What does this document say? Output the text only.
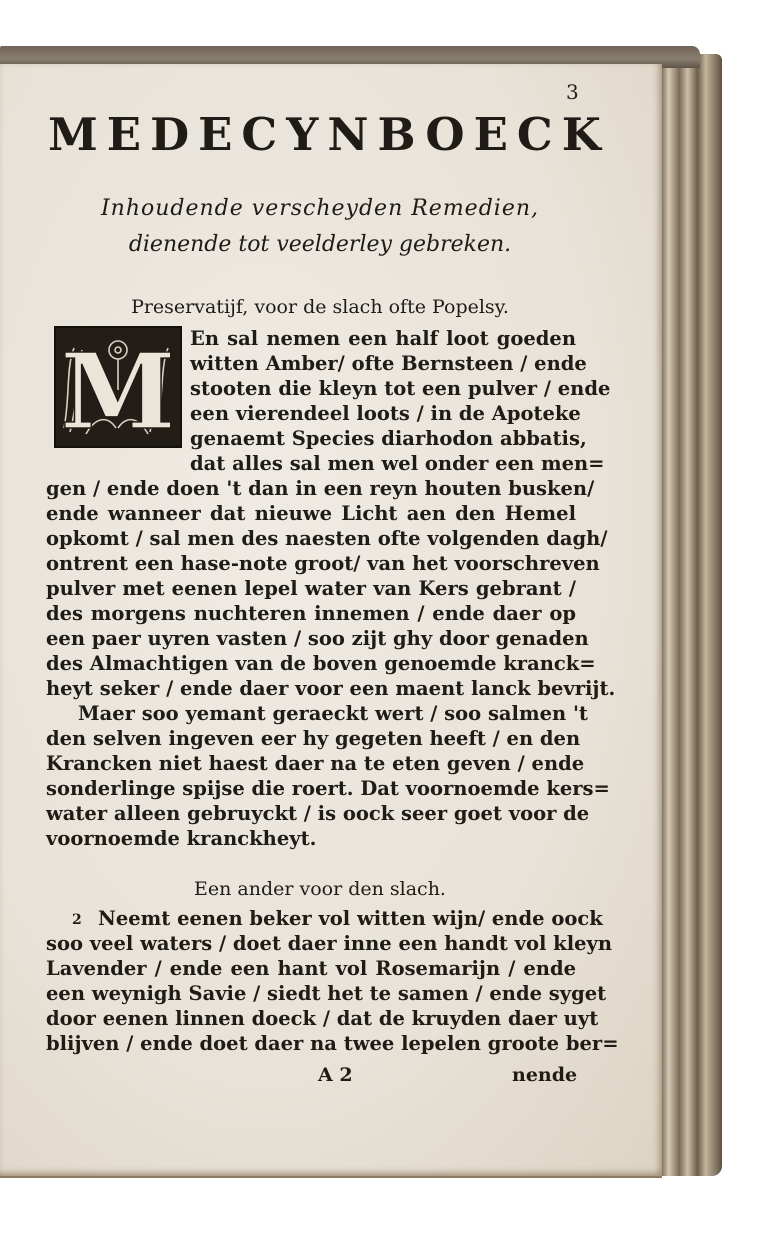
3
MEDECYNBOECK
Inhoudende verscheyden Remedien,
dienende tot veelderley gebreken.
Preservatijf, voor de slach ofte Popelsy.
M En sal nemen een half loot goeden
witten Amber/ ofte Bernsteen / ende
stooten die kleyn tot een pulver / ende
een vierendeel loots / in de Apoteke
genaemt Species diarhodon abbatis,
dat alles sal men wel onder een men=
gen / ende doen 't dan in een reyn houten busken/
ende wanneer dat nieuwe Licht aen den Hemel
opkomt / sal men des naesten ofte volgenden dagh/
ontrent een hase-note groot/ van het voorschreven
pulver met eenen lepel water van Kers gebrant /
des morgens nuchteren innemen / ende daer op
een paer uyren vasten / soo zijt ghy door genaden
des Almachtigen van de boven genoemde kranck=
heyt seker / ende daer voor een maent lanck bevrijt.
Maer soo yemant geraeckt wert / soo salmen 't
den selven ingeven eer hy gegeten heeft / en den
Krancken niet haest daer na te eten geven / ende
sonderlinge spijse die roert. Dat voornoemde kers=
water alleen gebruyckt / is oock seer goet voor de
voornoemde kranckheyt.
Een ander voor den slach.
2 Neemt eenen beker vol witten wijn/ ende oock
soo veel waters / doet daer inne een handt vol kleyn
Lavender / ende een hant vol Rosemarijn / ende
een weynigh Savie / siedt het te samen / ende syget
door eenen linnen doeck / dat de kruyden daer uyt
blijven / ende doet daer na twee lepelen groote ber=
A 2	nende
